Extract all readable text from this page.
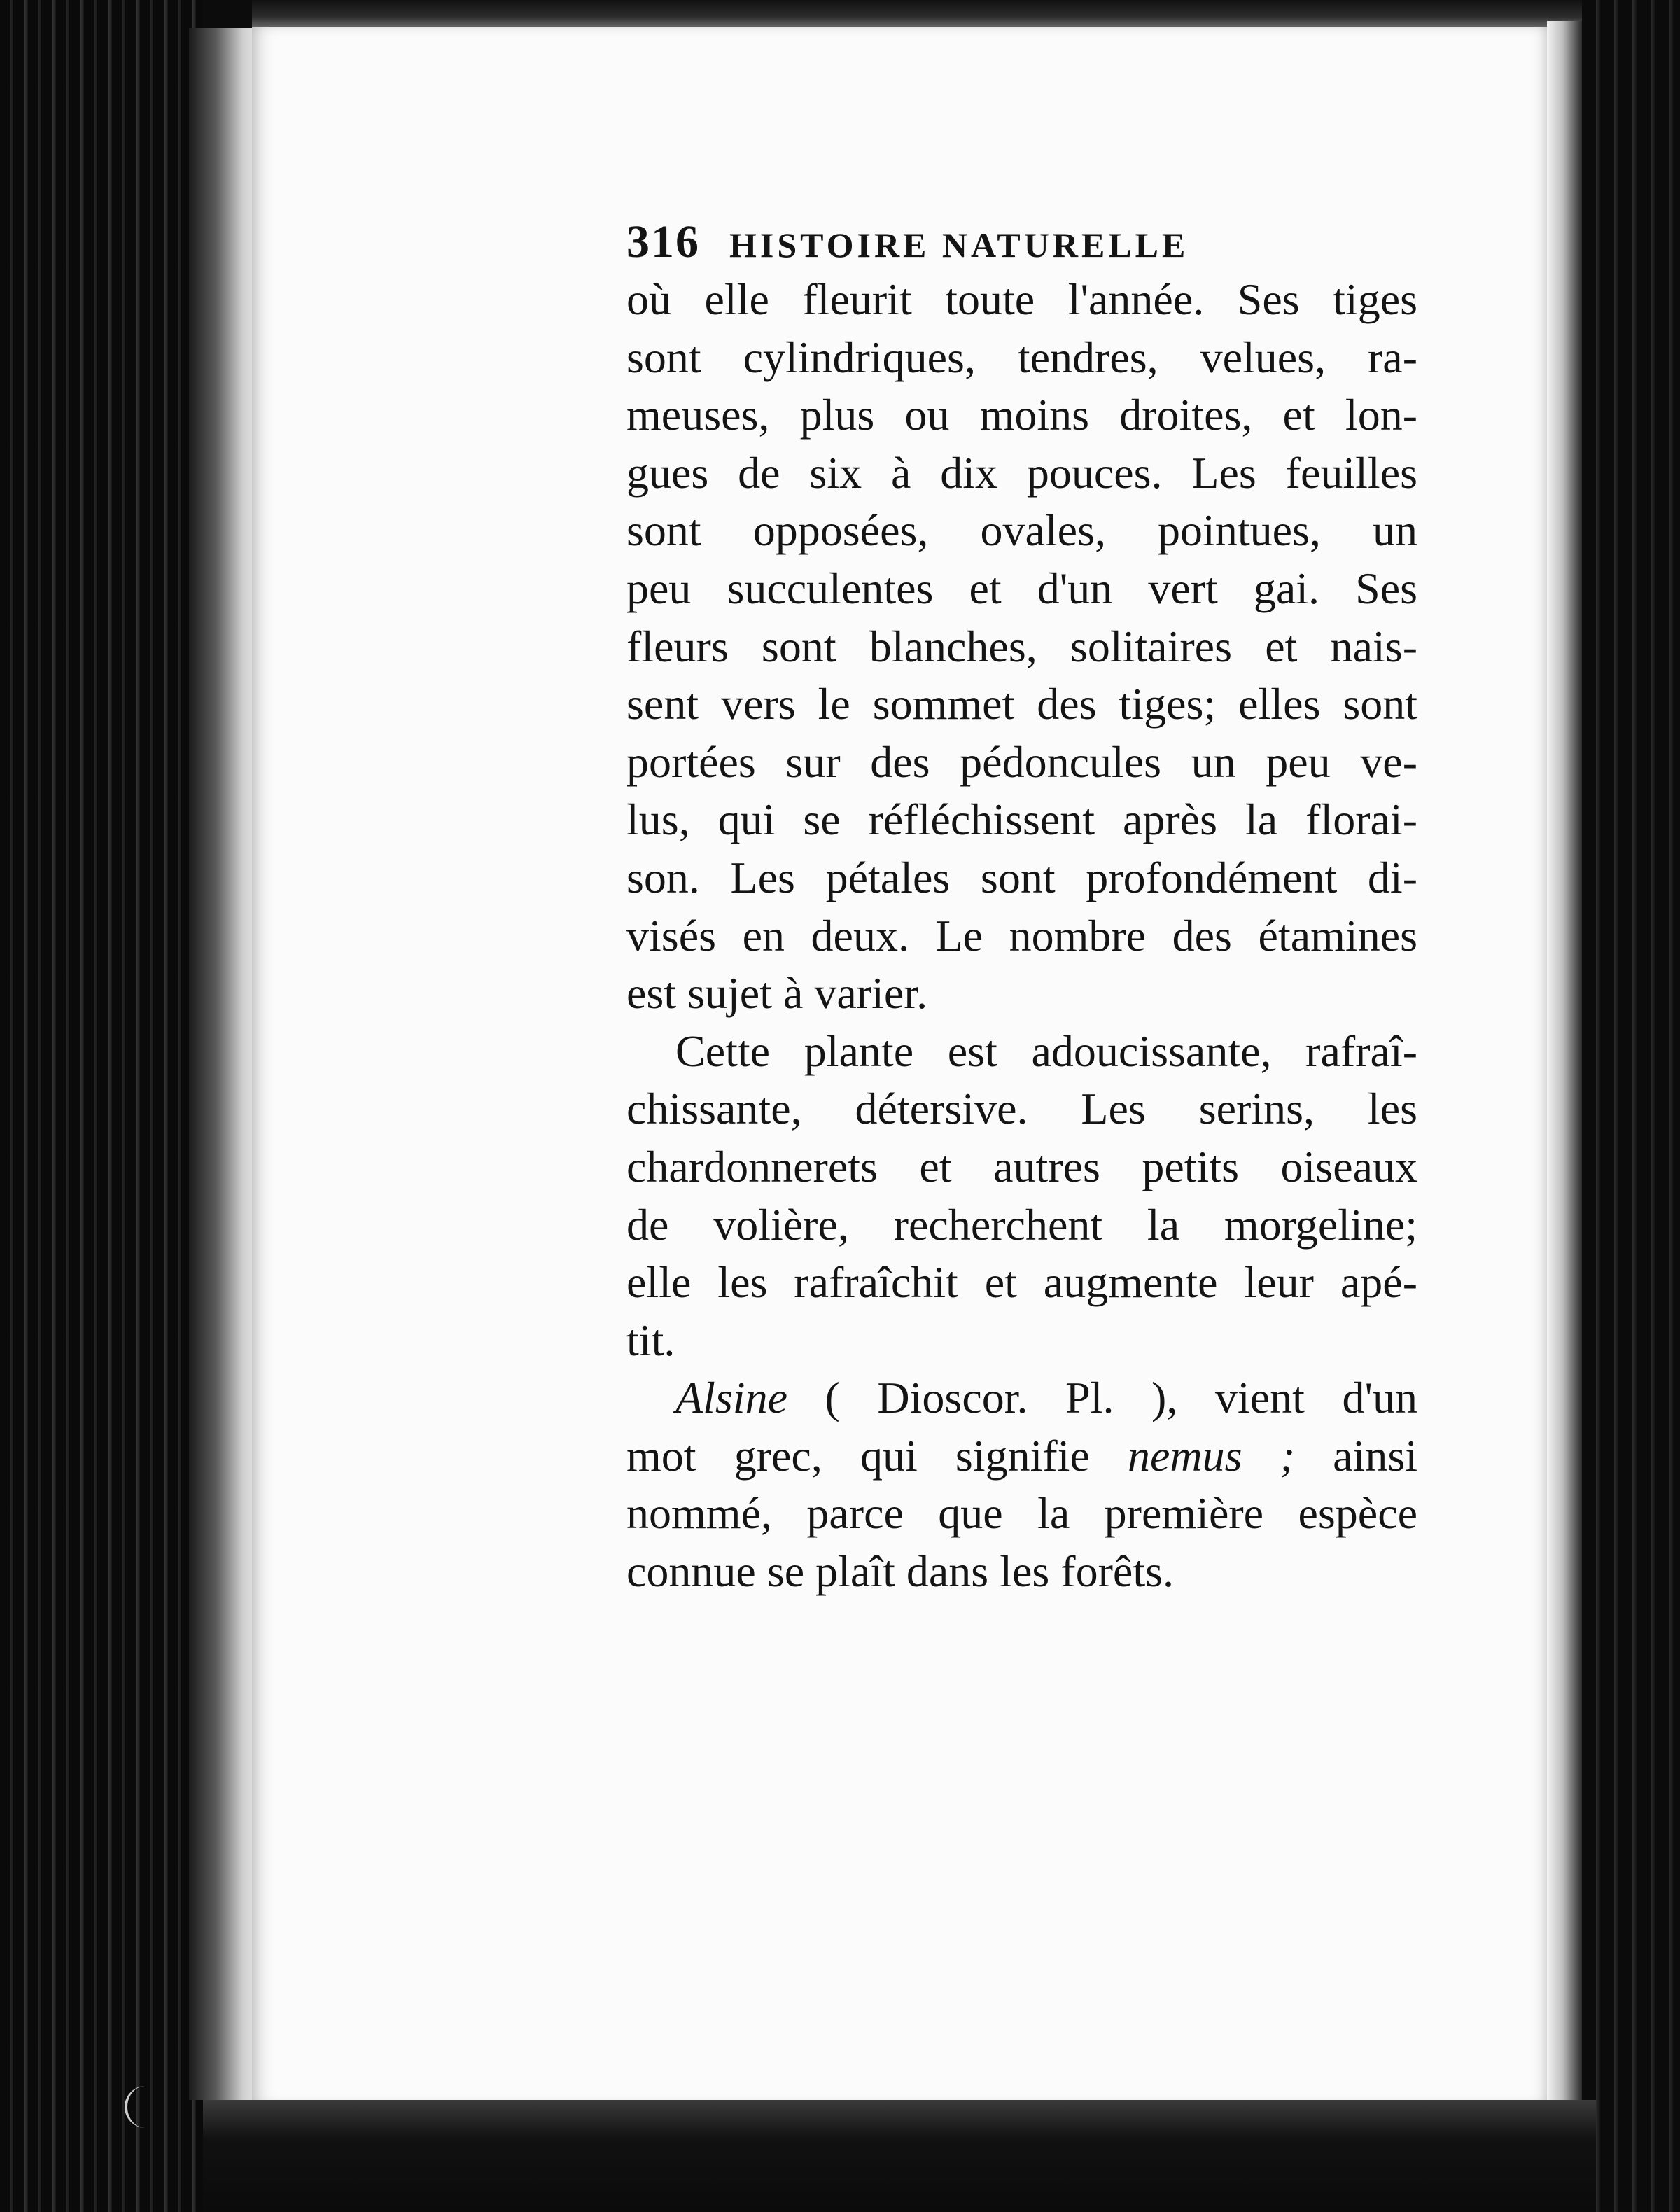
316 HISTOIRE NATURELLE
où elle fleurit toute l'année. Ses tiges
sont cylindriques, tendres, velues, ra-
meuses, plus ou moins droites, et lon-
gues de six à dix pouces. Les feuilles
sont opposées, ovales, pointues, un
peu succulentes et d'un vert gai. Ses
fleurs sont blanches, solitaires et nais-
sent vers le sommet des tiges; elles sont
portées sur des pédoncules un peu ve-
lus, qui se réfléchissent après la florai-
son. Les pétales sont profondément di-
visés en deux. Le nombre des étamines
est sujet à varier.
Cette plante est adoucissante, rafraî-
chissante, détersive. Les serins, les
chardonnerets et autres petits oiseaux
de volière, recherchent la morgeline;
elle les rafraîchit et augmente leur apé-
tit.
Alsine ( Dioscor. Pl. ), vient d'un
mot grec, qui signifie nemus ; ainsi
nommé, parce que la première espèce
connue se plaît dans les forêts.
